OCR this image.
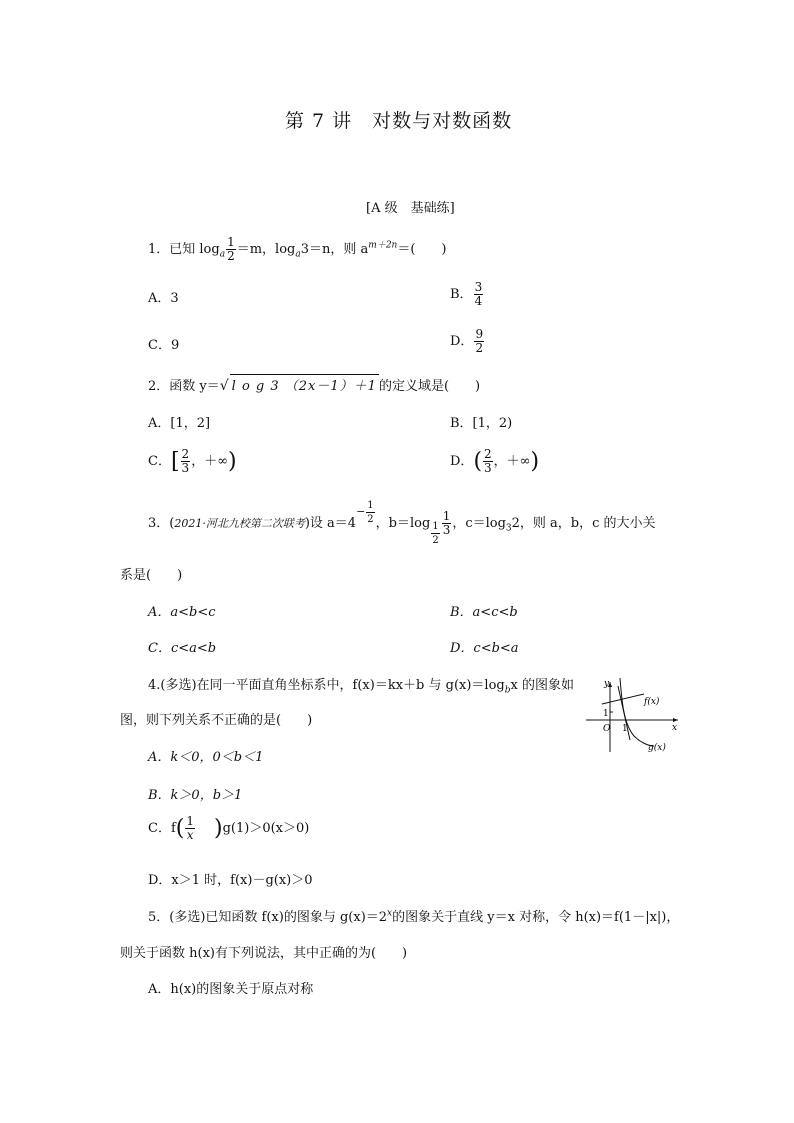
第 7 讲　对数与对数函数
[A 级　基础练]
1．已知 $\log_a \frac{1}{2} =m$，$\log_a3=n$，则 $a^{m+2n}=$(　　)
A．3	B． $\frac{3}{4}$
C．9	D． $\frac{9}{2}$
2．函数 y＝√ l o g 3 （2x－1）＋1 的定义域是(　　)
A．[1，2]	B．[1，2)
C．[ $\frac{2}{3}$ ，＋∞)	D．( $\frac{2}{3}$ ，＋∞)
3．(2021·河北九校第二次联考)设 $a=4^{- \frac{1}{2}}$ ，$b=\log \frac{1}{2} \frac{1}{3}$ ，$c=\log_32$，则 a，b，c 的大小关
系是(　　)
A．a<b<c	B．a<c<b
C．c<a<b	D．c<b<a
4.(多选)在同一平面直角坐标系中，f(x)＝kx＋b 与 $g(x)=\log_bx$ 的图象如
图，则下列关系不正确的是(　　)
y
x
O 1
1
f(x)
g(x)
A．k＜0，0＜b＜1
B．k＞0，b＞1
C．$f( \frac{1}{x} )g(1)>0(x>0)$
D．x＞1 时，f(x)－g(x)＞0
5．(多选)已知函数 f(x)的图象与 $g(x)=2^x$的图象关于直线 y＝x 对称，令 h(x)＝f(1－|x|)，
则关于函数 h(x)有下列说法，其中正确的为(　　)
A．h(x)的图象关于原点对称
